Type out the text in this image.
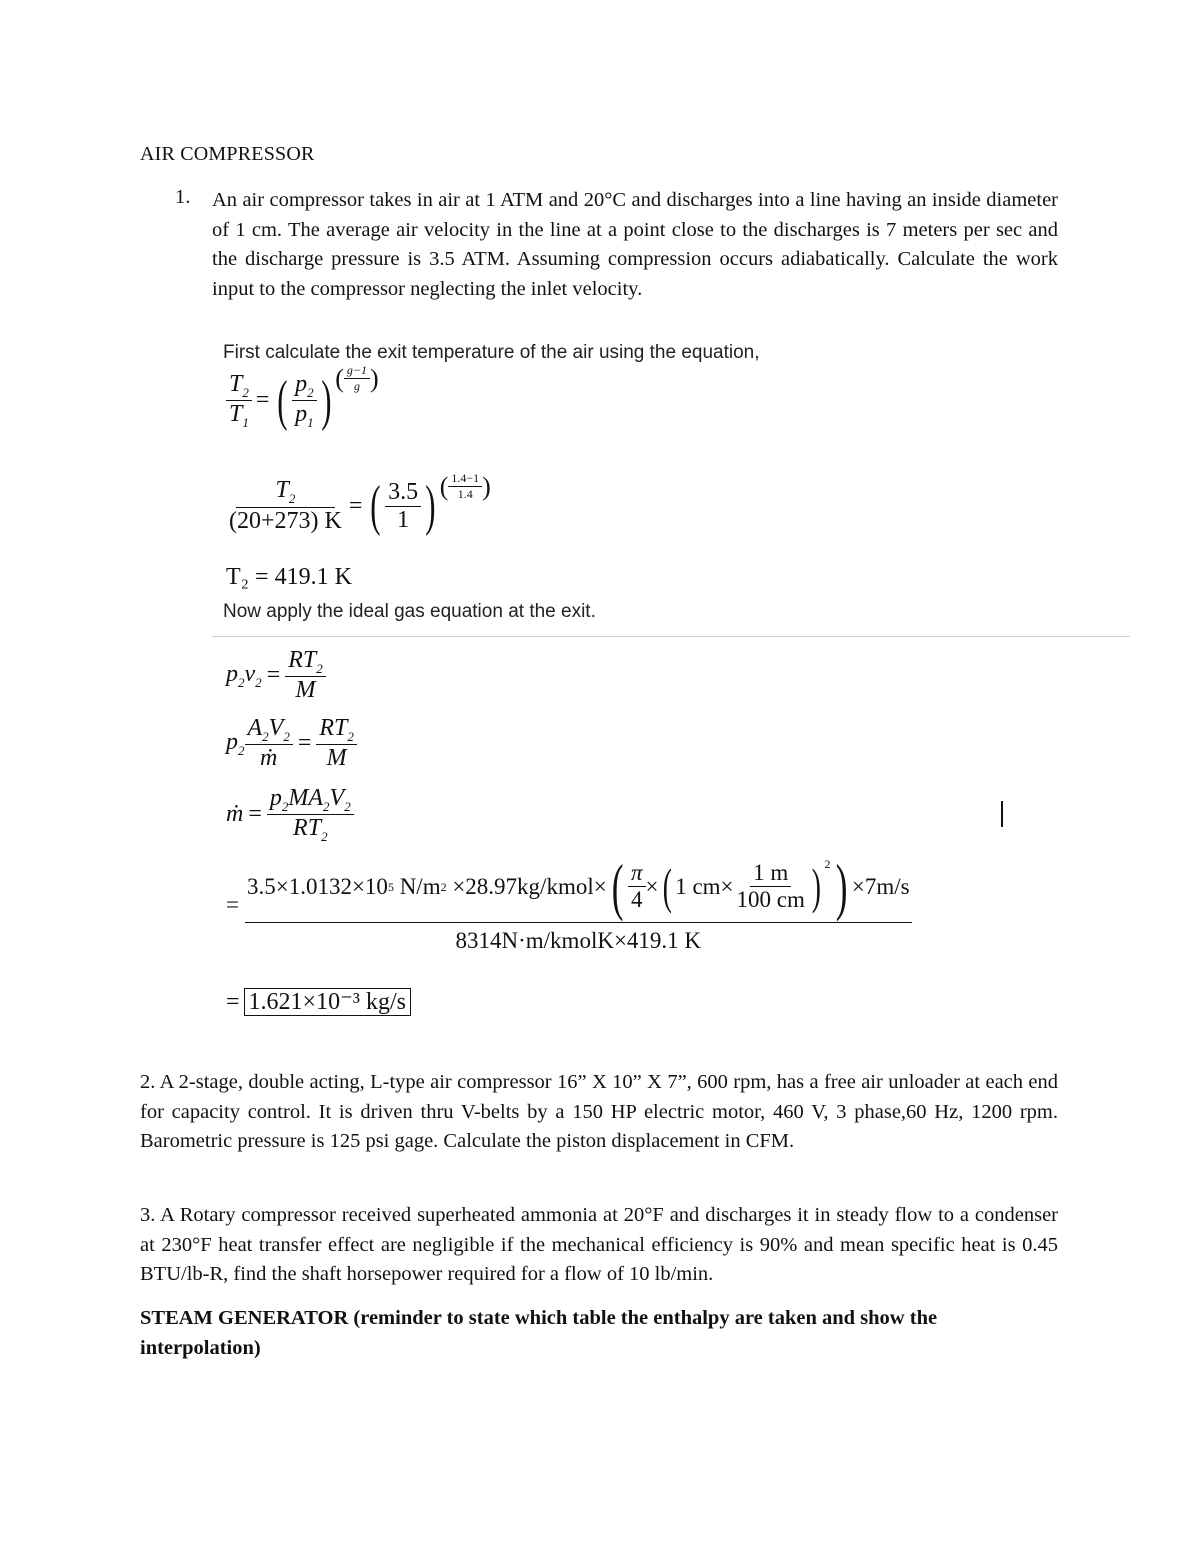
AIR COMPRESSOR
1. An air compressor takes in air at 1 ATM and 20°C and discharges into a line having an inside diameter of 1 cm. The average air velocity in the line at a point close to the discharges is 7 meters per sec and the discharge pressure is 3.5 ATM. Assuming compression occurs adiabatically. Calculate the work input to the compressor neglecting the inlet velocity.
First calculate the exit temperature of the air using the equation,
$\frac{T_2}{T_1}$ = ( $\frac{p_2}{p_1}$ ) ( $\frac{g-1}{g}$ )
$\frac{T_2}{(20+273) K}$ = ( $\frac{3.5}{1}$ ) ( $\frac{1.4-1}{1.4}$ )
T₂ = 419.1 K
Now apply the ideal gas equation at the exit.
$p_2v_2 = \frac{RT_2}{M}$
$p_2 \frac{A_2V_2}{\text{ṁ}} = \frac{RT_2}{M}$
ṁ = $\frac{p_2MA_2V_2}{RT_2}$
=
3.5×1.0132×10 5 N/m 2 ×28.97kg/kmol× ( $\frac{\pi}{4}$ × ( 1 $cm\times \frac{1 m}{100 cm}$ ) $^2$ ) ×7m/s
8314N·m/kmolK×419.1 K
= 1.621×10⁻³ kg/s
2. A 2-stage, double acting, L-type air compressor 16” X 10” X 7”, 600 rpm, has a free air unloader at each end for capacity control. It is driven thru V-belts by a 150 HP electric motor, 460 V, 3 phase,60 Hz, 1200 rpm. Barometric pressure is 125 psi gage. Calculate the piston displacement in CFM.
3. A Rotary compressor received superheated ammonia at 20°F and discharges it in steady flow to a condenser at 230°F heat transfer effect are negligible if the mechanical efficiency is 90% and mean specific heat is 0.45 BTU/lb-R, find the shaft horsepower required for a flow of 10 lb/min.
STEAM GENERATOR (reminder to state which table the enthalpy are taken and show the interpolation)
